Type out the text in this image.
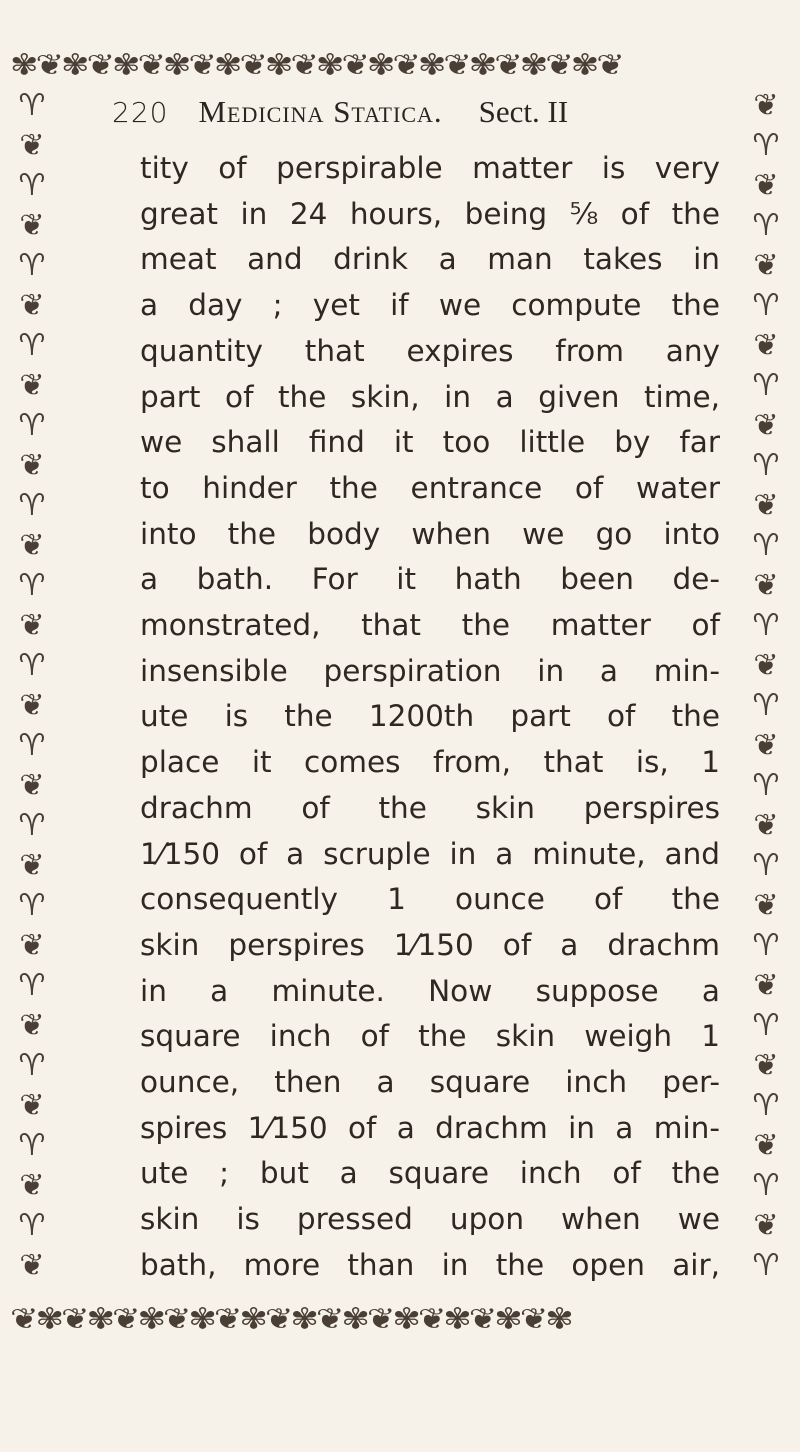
✾❦✾❦✾❦✾❦✾❦✾❦✾❦✾❦✾❦✾❦✾❦✾❦
♈❦♈❦♈❦♈❦♈❦♈❦♈❦♈❦♈❦♈❦♈❦♈❦♈❦♈❦♈❦
❦♈❦♈❦♈❦♈❦♈❦♈❦♈❦♈❦♈❦♈❦♈❦♈❦♈❦♈❦♈
❦✾❦✾❦✾❦✾❦✾❦✾❦✾❦✾❦✾❦✾❦✾
220 Medicina Statica. Sect. II
tity of perspirable matter is very
great in 24 hours, being ⅝ of the
meat and drink a man takes in
a day ; yet if we compute the
quantity that expires from any
part of the skin, in a given time,
we shall find it too little by far
to hinder the entrance of water
into the body when we go into
a bath. For it hath been de-
monstrated, that the matter of
insensible perspiration in a min-
ute is the 1200th part of the
place it comes from, that is, 1
drachm of the skin perspires
1⁄150 of a scruple in a minute, and
consequently 1 ounce of the
skin perspires 1⁄150 of a drachm
in a minute. Now suppose a
square inch of the skin weigh 1
ounce, then a square inch per-
spires 1⁄150 of a drachm in a min-
ute ; but a square inch of the
skin is pressed upon when we
bath, more than in the open air,
